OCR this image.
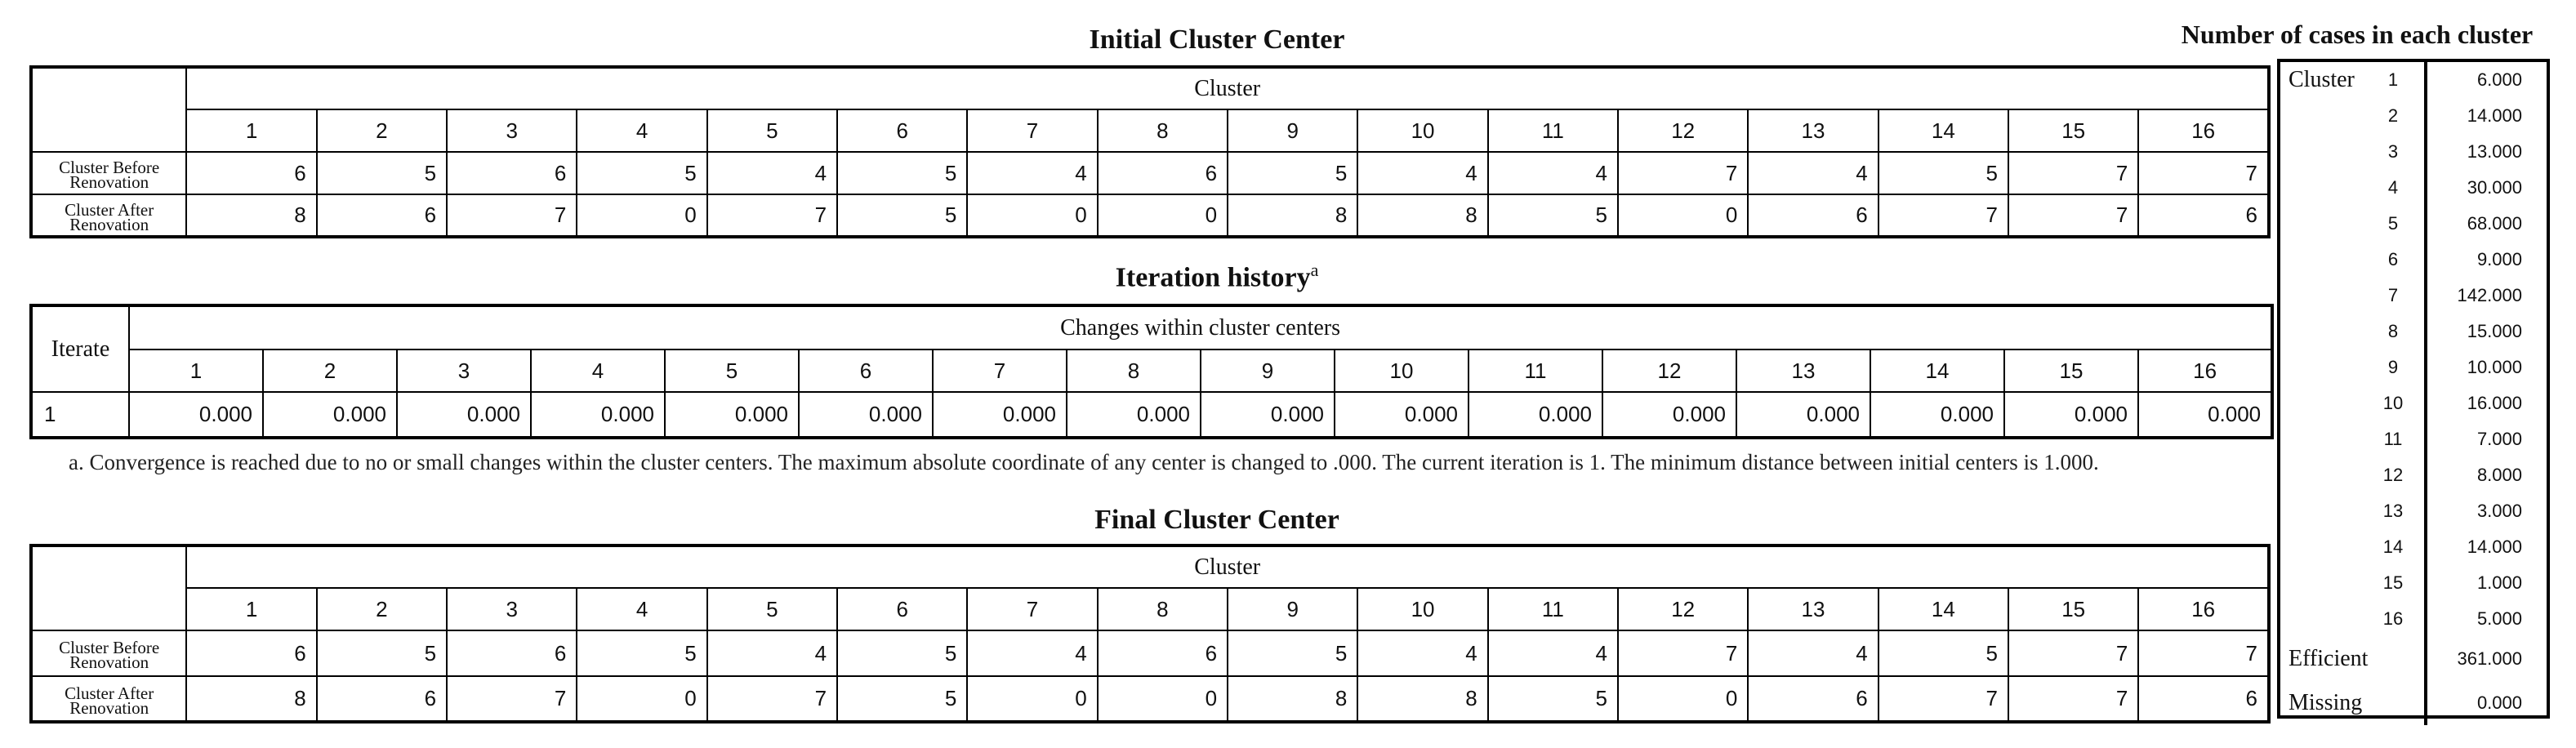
Initial Cluster Center
	Cluster															
	1	2	3	4	5	6	7	8	9	10	11	12	13	14	15	16

Cluster Before
Renovation	6	5	6	5	4	5	4	6	5	4	4	7	4	5	7	7

Cluster After
Renovation	8	6	7	0	7	5	0	0	8	8	5	0	6	7	7	6
Iteration history$^a$
Iterate	Changes within cluster centers															
	1	2	3	4	5	6	7	8	9	10	11	12	13	14	15	16
1	0.000	0.000	0.000	0.000	0.000	0.000	0.000	0.000	0.000	0.000	0.000	0.000	0.000	0.000	0.000	0.000
a. Convergence is reached due to no or small changes within the cluster centers. The maximum absolute coordinate of any center is changed to .000. The current iteration is 1. The minimum distance between initial centers is 1.000.
Final Cluster Center
	Cluster															
	1	2	3	4	5	6	7	8	9	10	11	12	13	14	15	16

Cluster Before
Renovation	6	5	6	5	4	5	4	6	5	4	4	7	4	5	7	7

Cluster After
Renovation	8	6	7	0	7	5	0	0	8	8	5	0	6	7	7	6
Number of cases in each cluster
Cluster	1	6.000
	2	14.000
	3	13.000
	4	30.000
	5	68.000
	6	9.000
	7	142.000
	8	15.000
	9	10.000
	10	16.000
	11	7.000
	12	8.000
	13	3.000
	14	14.000
	15	1.000
	16	5.000
Efficient		361.000
Missing		0.000
